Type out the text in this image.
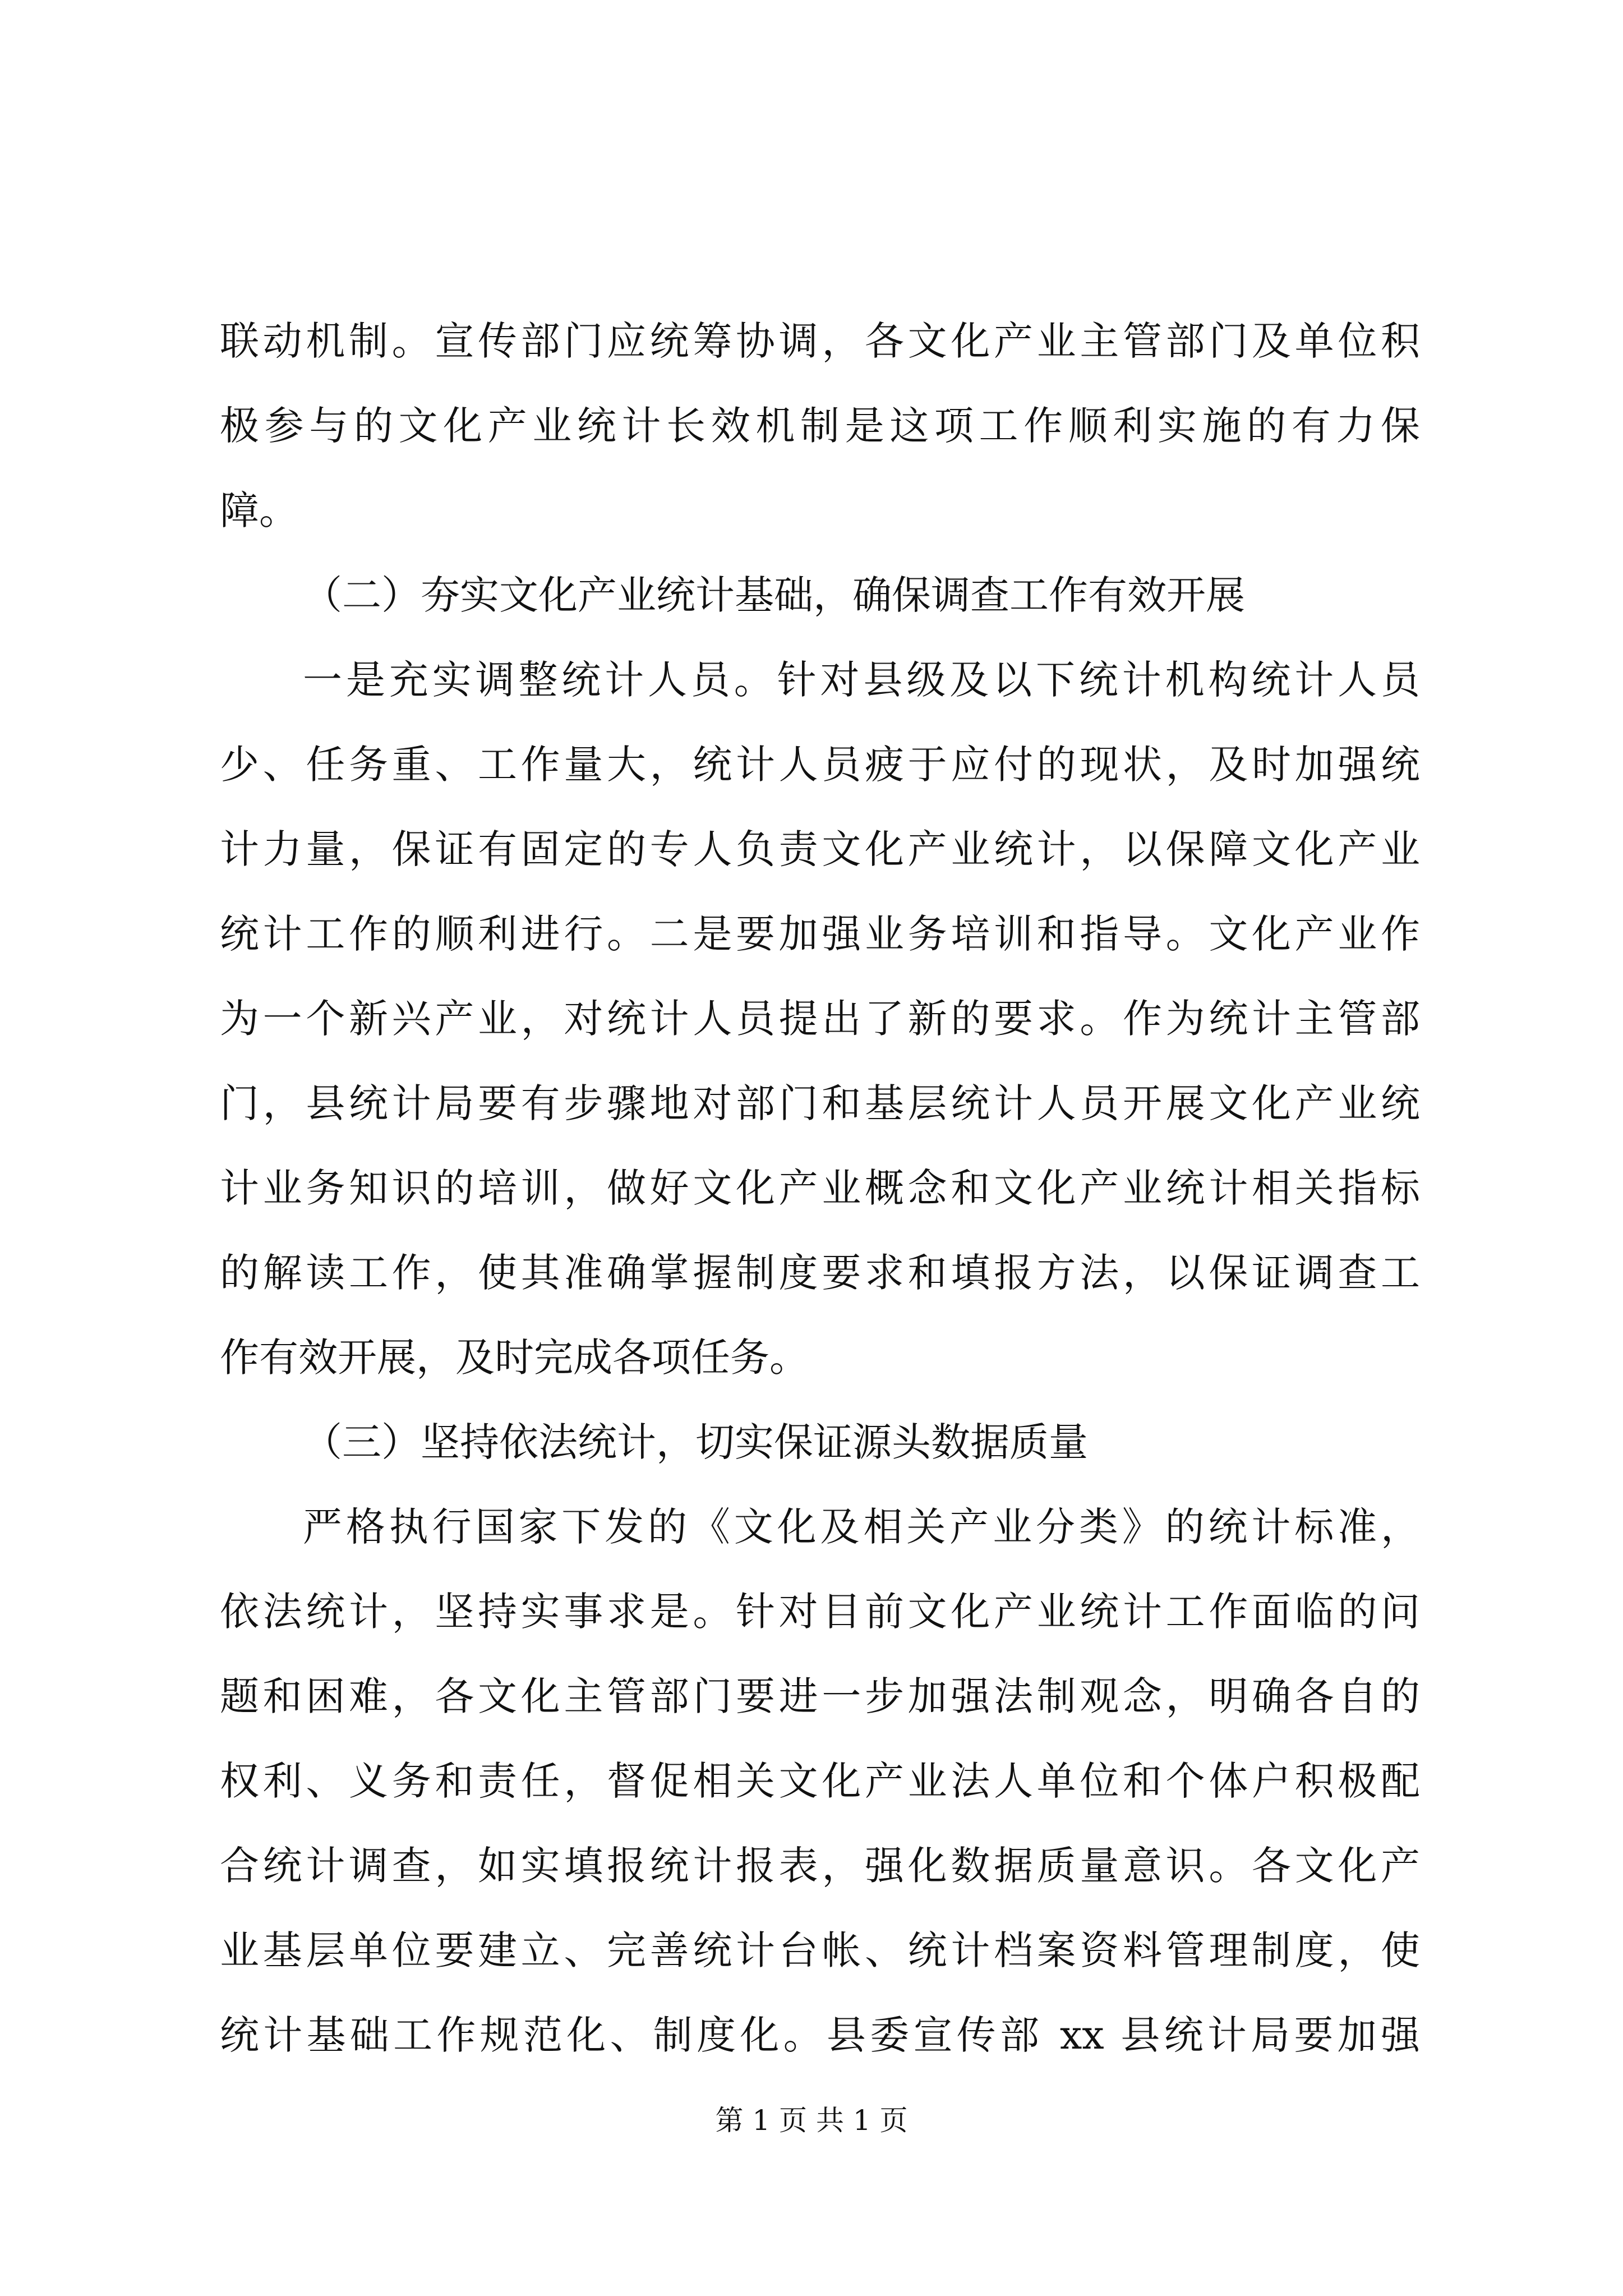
联动机制。宣传部门应统筹协调，各文化产业主管部门及单位积

极参与的文化产业统计长效机制是这项工作顺利实施的有力保

障。

（二）夯实文化产业统计基础，确保调查工作有效开展

一是充实调整统计人员。针对县级及以下统计机构统计人员

少、任务重、工作量大，统计人员疲于应付的现状，及时加强统

计力量，保证有固定的专人负责文化产业统计，以保障文化产业

统计工作的顺利进行。二是要加强业务培训和指导。文化产业作

为一个新兴产业，对统计人员提出了新的要求。作为统计主管部

门，县统计局要有步骤地对部门和基层统计人员开展文化产业统

计业务知识的培训，做好文化产业概念和文化产业统计相关指标

的解读工作，使其准确掌握制度要求和填报方法，以保证调查工

作有效开展，及时完成各项任务。

（三）坚持依法统计，切实保证源头数据质量

严格执行国家下发的《文化及相关产业分类》的统计标准，

依法统计，坚持实事求是。针对目前文化产业统计工作面临的问

题和困难，各文化主管部门要进一步加强法制观念，明确各自的

权利、义务和责任，督促相关文化产业法人单位和个体户积极配

合统计调查，如实填报统计报表，强化数据质量意识。各文化产

业基层单位要建立、完善统计台帐、统计档案资料管理制度，使

统计基础工作规范化、制度化。县委宣传部 xx 县统计局要加强

第 1 页 共 1 页
